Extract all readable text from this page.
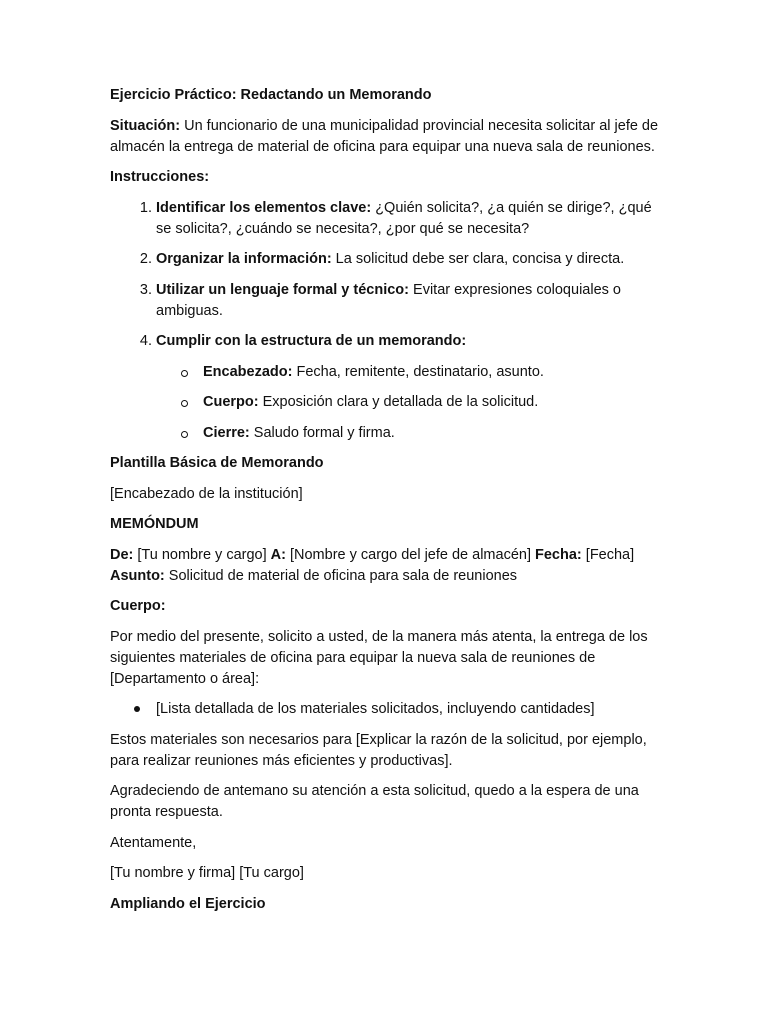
Ejercicio Práctico: Redactando un Memorando

Situación: Un funcionario de una municipalidad provincial necesita solicitar al jefe de almacén la entrega de material de oficina para equipar una nueva sala de reuniones.

Instrucciones:

1. Identificar los elementos clave: ¿Quién solicita?, ¿a quién se dirige?, ¿qué se solicita?, ¿cuándo se necesita?, ¿por qué se necesita?
2. Organizar la información: La solicitud debe ser clara, concisa y directa.
3. Utilizar un lenguaje formal y técnico: Evitar expresiones coloquiales o ambiguas.
4. Cumplir con la estructura de un memorando:
Encabezado: Fecha, remitente, destinatario, asunto.
Cuerpo: Exposición clara y detallada de la solicitud.
Cierre: Saludo formal y firma.

Plantilla Básica de Memorando

[Encabezado de la institución]

MEMÓNDUM

De: [Tu nombre y cargo] A: [Nombre y cargo del jefe de almacén] Fecha: [Fecha]
Asunto: Solicitud de material de oficina para sala de reuniones

Cuerpo:

Por medio del presente, solicito a usted, de la manera más atenta, la entrega de los siguientes materiales de oficina para equipar la nueva sala de reuniones de [Departamento o área]:

[Lista detallada de los materiales solicitados, incluyendo cantidades]

Estos materiales son necesarios para [Explicar la razón de la solicitud, por ejemplo, para realizar reuniones más eficientes y productivas].

Agradeciendo de antemano su atención a esta solicitud, quedo a la espera de una pronta respuesta.

Atentamente,

[Tu nombre y firma] [Tu cargo]

Ampliando el Ejercicio
